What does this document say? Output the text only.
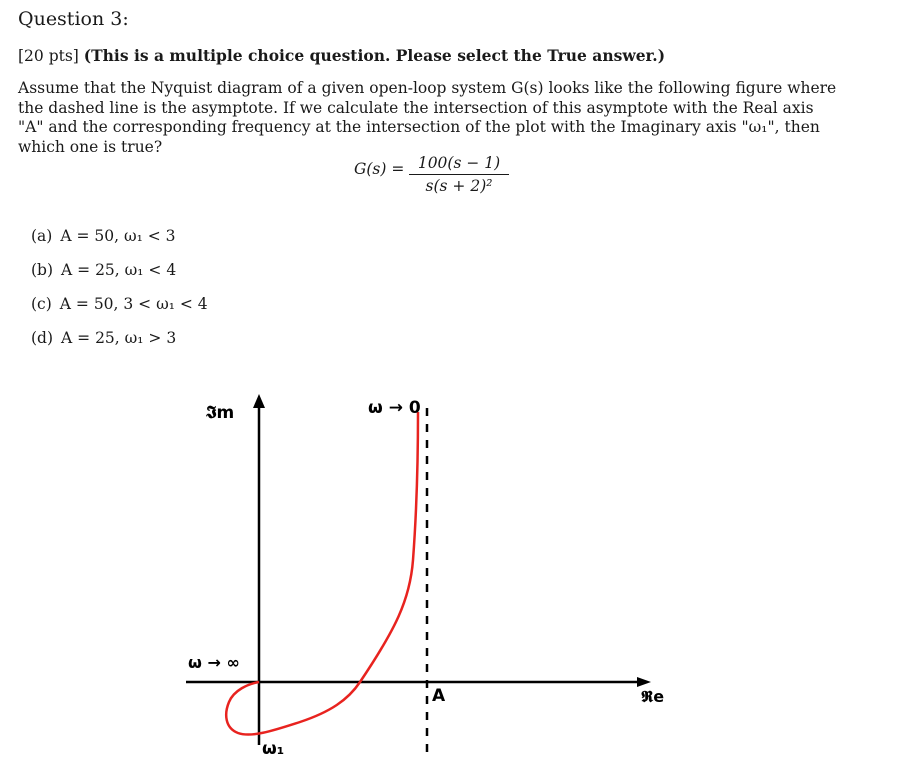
Question 3:
[20 pts] (This is a multiple choice question. Please select the True answer.)
Assume that the Nyquist diagram of a given open-loop system G(s) looks like the following figure where the dashed line is the asymptote. If we calculate the intersection of this asymptote with the Real axis "A" and the corresponding frequency at the intersection of the plot with the Imaginary axis "ω₁", then which one is true?
$G(s) = \frac{100(s - 1)}{\text{s(s + 2)²}}$
(a) A = 50, ω₁ < 3
(b) A = 25, ω₁ < 4
(c) A = 50, 3 < ω₁ < 4
(d) A = 25, ω₁ > 3
𝕴m
𝕽e
ω → 0
ω → ∞
ω₁
A
